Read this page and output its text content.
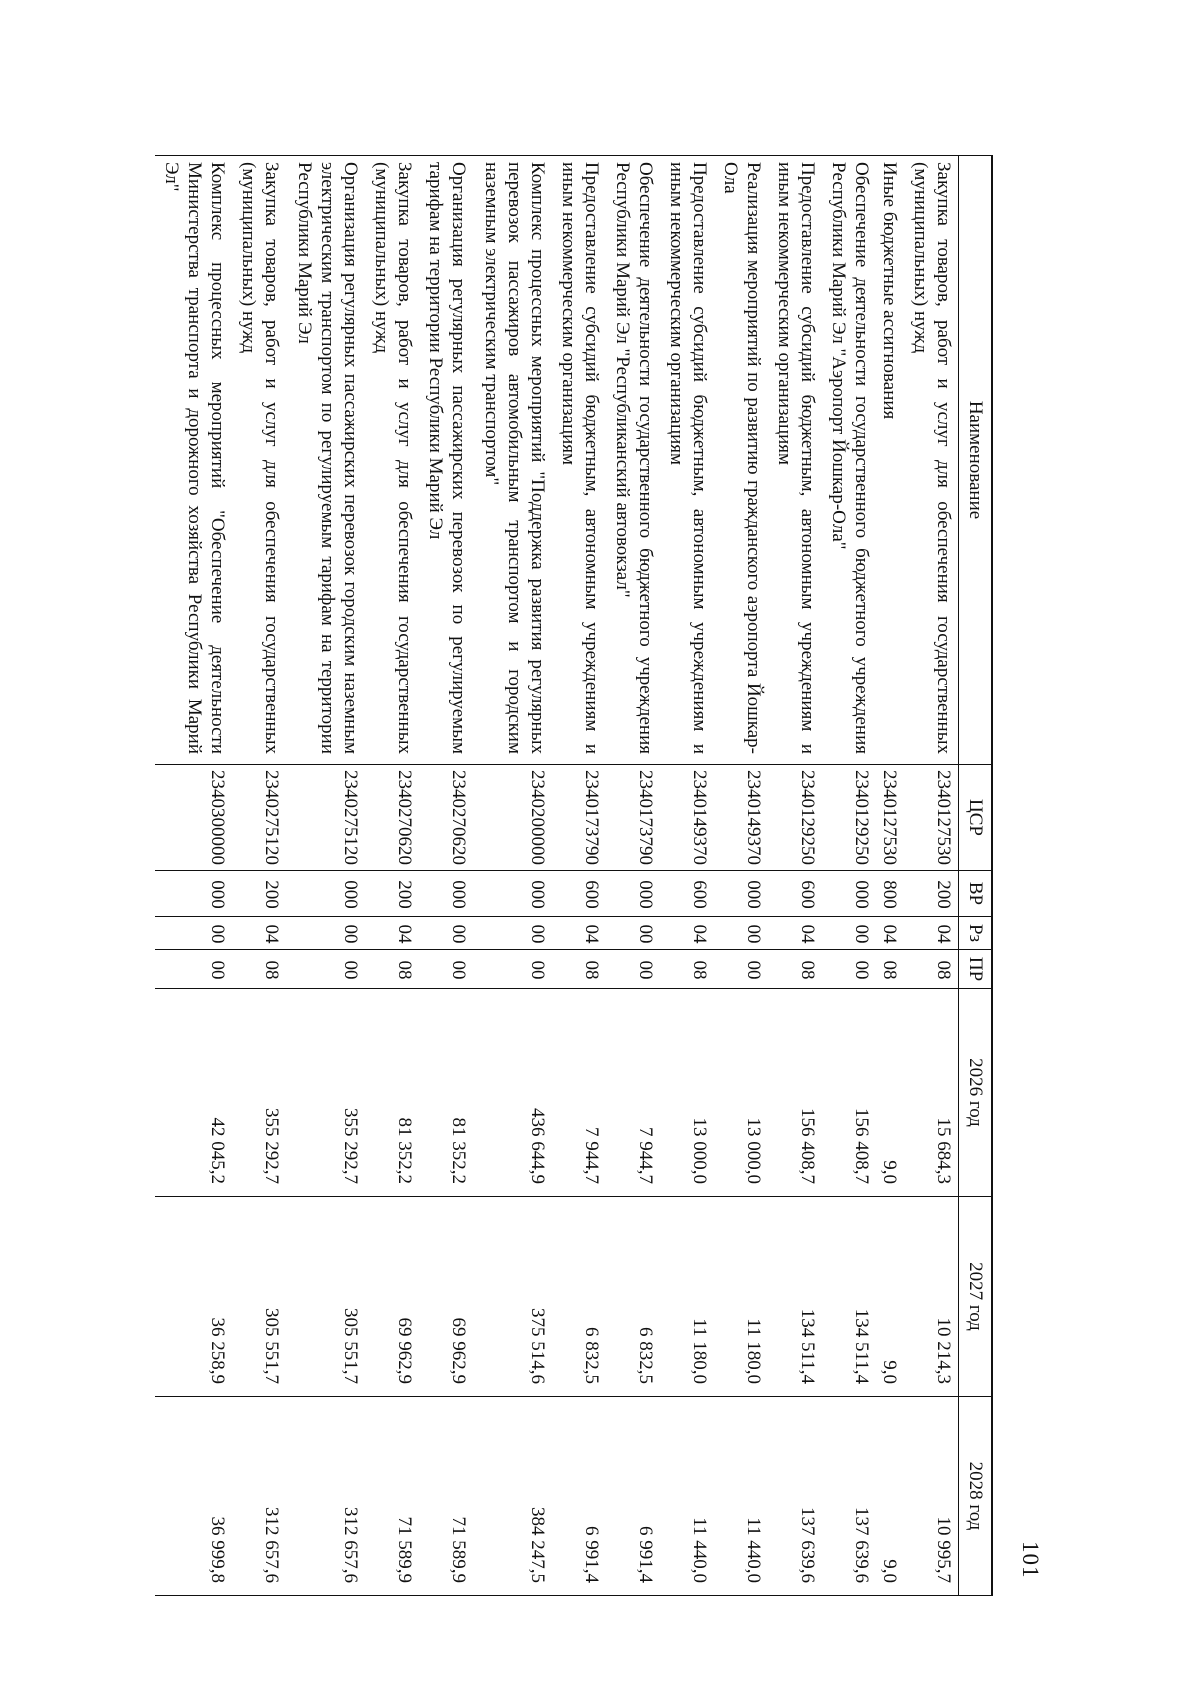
101
Наименование	ЦСР	ВР	Рз	ПР	2026 год	2027 год	2028 год
Закупка товаров, работ и услуг для обеспечения государственных (муниципальных) нужд	2340127530	200	04	08	15 684,3	10 214,3	10 995,7
Иные бюджетные ассигнования	2340127530	800	04	08	9,0	9,0	9,0
Обеспечение деятельности государственного бюджетного учреждения Республики Марий Эл "Аэропорт Йошкар-Ола"	2340129250	000	00	00	156 408,7	134 511,4	137 639,6
Предоставление субсидий бюджетным, автономным учреждениям и иным некоммерческим организациям	2340129250	600	04	08	156 408,7	134 511,4	137 639,6
Реализация мероприятий по развитию гражданского аэропорта Йошкар-Ола	2340149370	000	00	00	13 000,0	11 180,0	11 440,0
Предоставление субсидий бюджетным, автономным учреждениям и иным некоммерческим организациям	2340149370	600	04	08	13 000,0	11 180,0	11 440,0
Обеспечение деятельности государственного бюджетного учреждения Республики Марий Эл "Республиканский автовокзал"	2340173790	000	00	00	7 944,7	6 832,5	6 991,4
Предоставление субсидий бюджетным, автономным учреждениям и иным некоммерческим организациям	2340173790	600	04	08	7 944,7	6 832,5	6 991,4
Комплекс процессных мероприятий "Поддержка развития регулярных перевозок пассажиров автомобильным транспортом и городским наземным электрическим транспортом"	2340200000	000	00	00	436 644,9	375 514,6	384 247,5
Организация регулярных пассажирских перевозок по регулируемым тарифам на территории Республики Марий Эл	2340270620	000	00	00	81 352,2	69 962,9	71 589,9
Закупка товаров, работ и услуг для обеспечения государственных (муниципальных) нужд	2340270620	200	04	08	81 352,2	69 962,9	71 589,9
Организация регулярных пассажирских перевозок городским наземным электрическим транспортом по регулируемым тарифам на территории Республики Марий Эл	2340275120	000	00	00	355 292,7	305 551,7	312 657,6
Закупка товаров, работ и услуг для обеспечения государственных (муниципальных) нужд	2340275120	200	04	08	355 292,7	305 551,7	312 657,6
Комплекс процессных мероприятий "Обеспечение деятельности Министерства транспорта и дорожного хозяйства Республики Марий Эл"	2340300000	000	00	00	42 045,2	36 258,9	36 999,8
